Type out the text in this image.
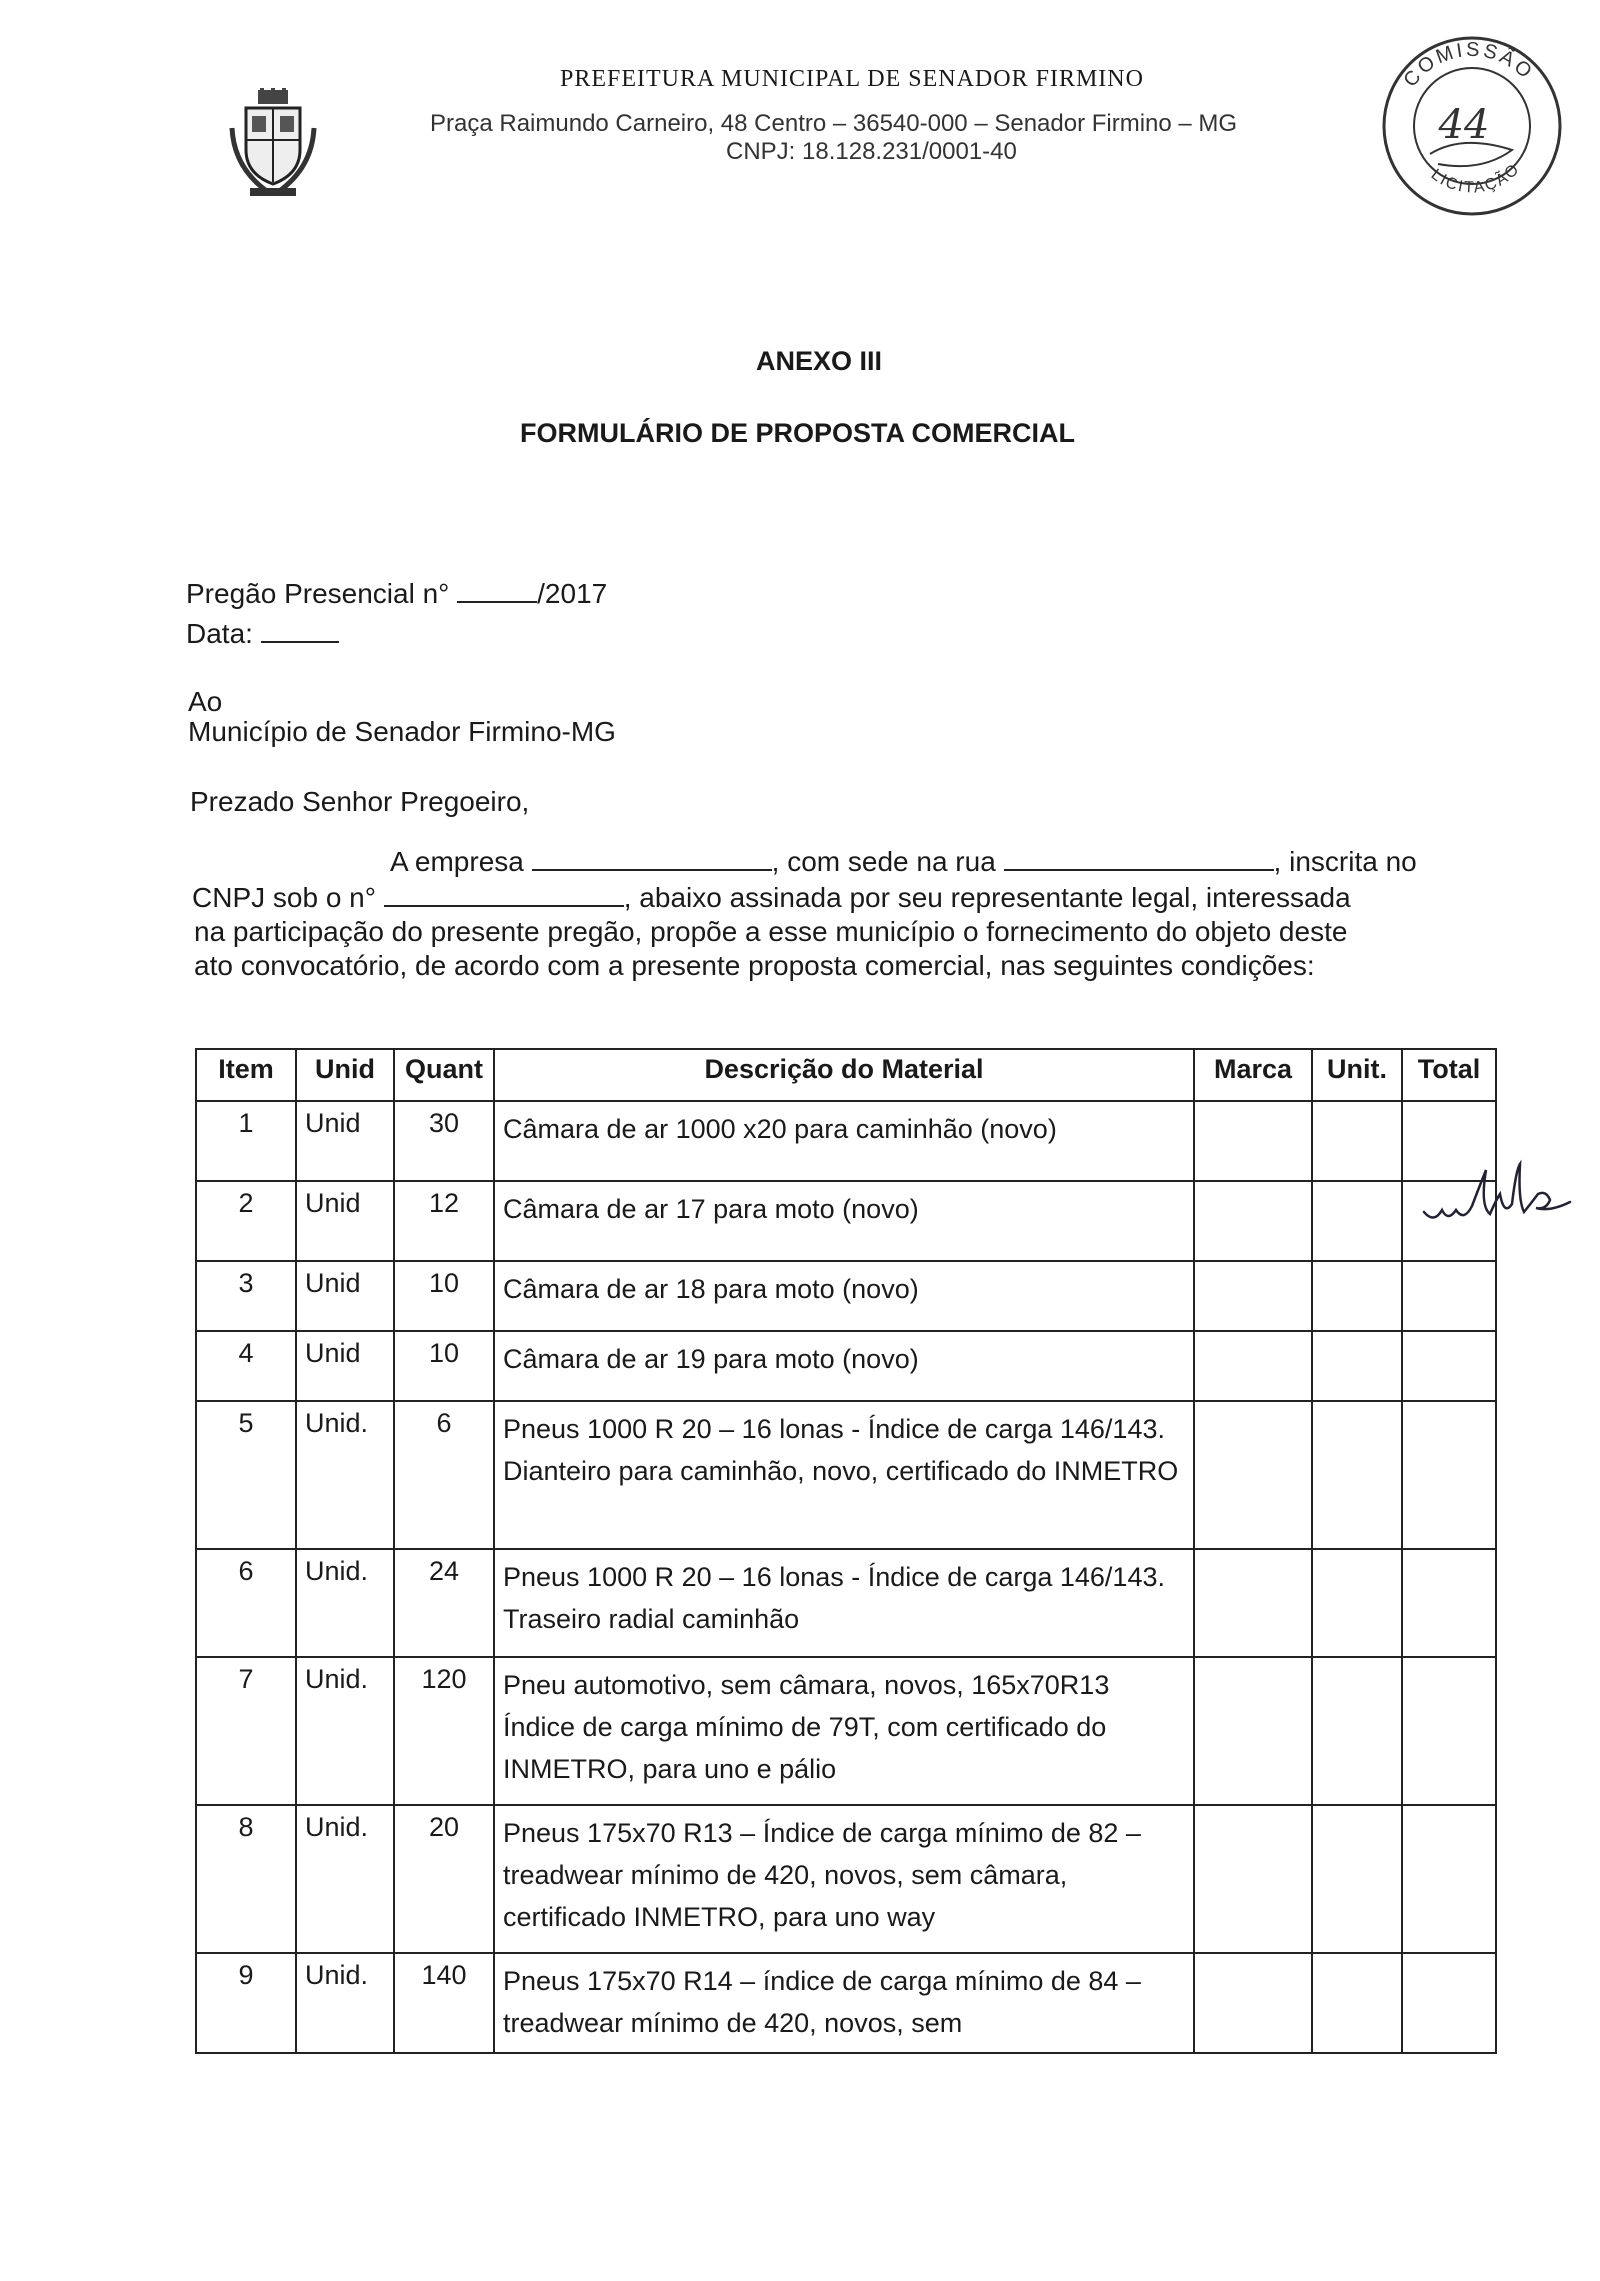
PREFEITURA MUNICIPAL DE SENADOR FIRMINO
Praça Raimundo Carneiro, 48 Centro – 36540-000 – Senador Firmino – MG
CNPJ: 18.128.231/0001-40
COMISSÃO
LICITAÇÃO
44
ANEXO III
FORMULÁRIO DE PROPOSTA COMERCIAL
Pregão Presencial n°	/2017
Data:
Ao
Município de Senador Firmino-MG
Prezado Senhor Pregoeiro,
A empresa	, com sede na rua	, inscrita no
CNPJ sob o n°	, abaixo assinada por seu representante legal, interessada
na participação do presente pregão, propõe a esse município o fornecimento do objeto deste
ato convocatório, de acordo com a presente proposta comercial, nas seguintes condições:
Item	Unid	Quant	Descrição do Material	Marca	Unit.	Total
1	Unid	30	Câmara de ar 1000 x20 para caminhão (novo)			
2	Unid	12	Câmara de ar 17 para moto (novo)			
3	Unid	10	Câmara de ar 18 para moto (novo)			
4	Unid	10	Câmara de ar 19 para moto (novo)			
5	Unid.	6	Pneus 1000 R 20 – 16 lonas - Índice de carga 146/143. Dianteiro para caminhão, novo, certificado do INMETRO			
6	Unid.	24	Pneus 1000 R 20 – 16 lonas - Índice de carga 146/143. Traseiro radial caminhão			
7	Unid.	120	Pneu automotivo, sem câmara, novos, 165x70R13 Índice de carga mínimo de 79T, com certificado do INMETRO, para uno e pálio			
8	Unid.	20	Pneus 175x70 R13 – Índice de carga mínimo de 82 – treadwear mínimo de 420, novos, sem câmara, certificado INMETRO, para uno way			
9	Unid.	140	Pneus 175x70 R14 – índice de carga mínimo de 84 – treadwear mínimo de 420, novos, sem			
